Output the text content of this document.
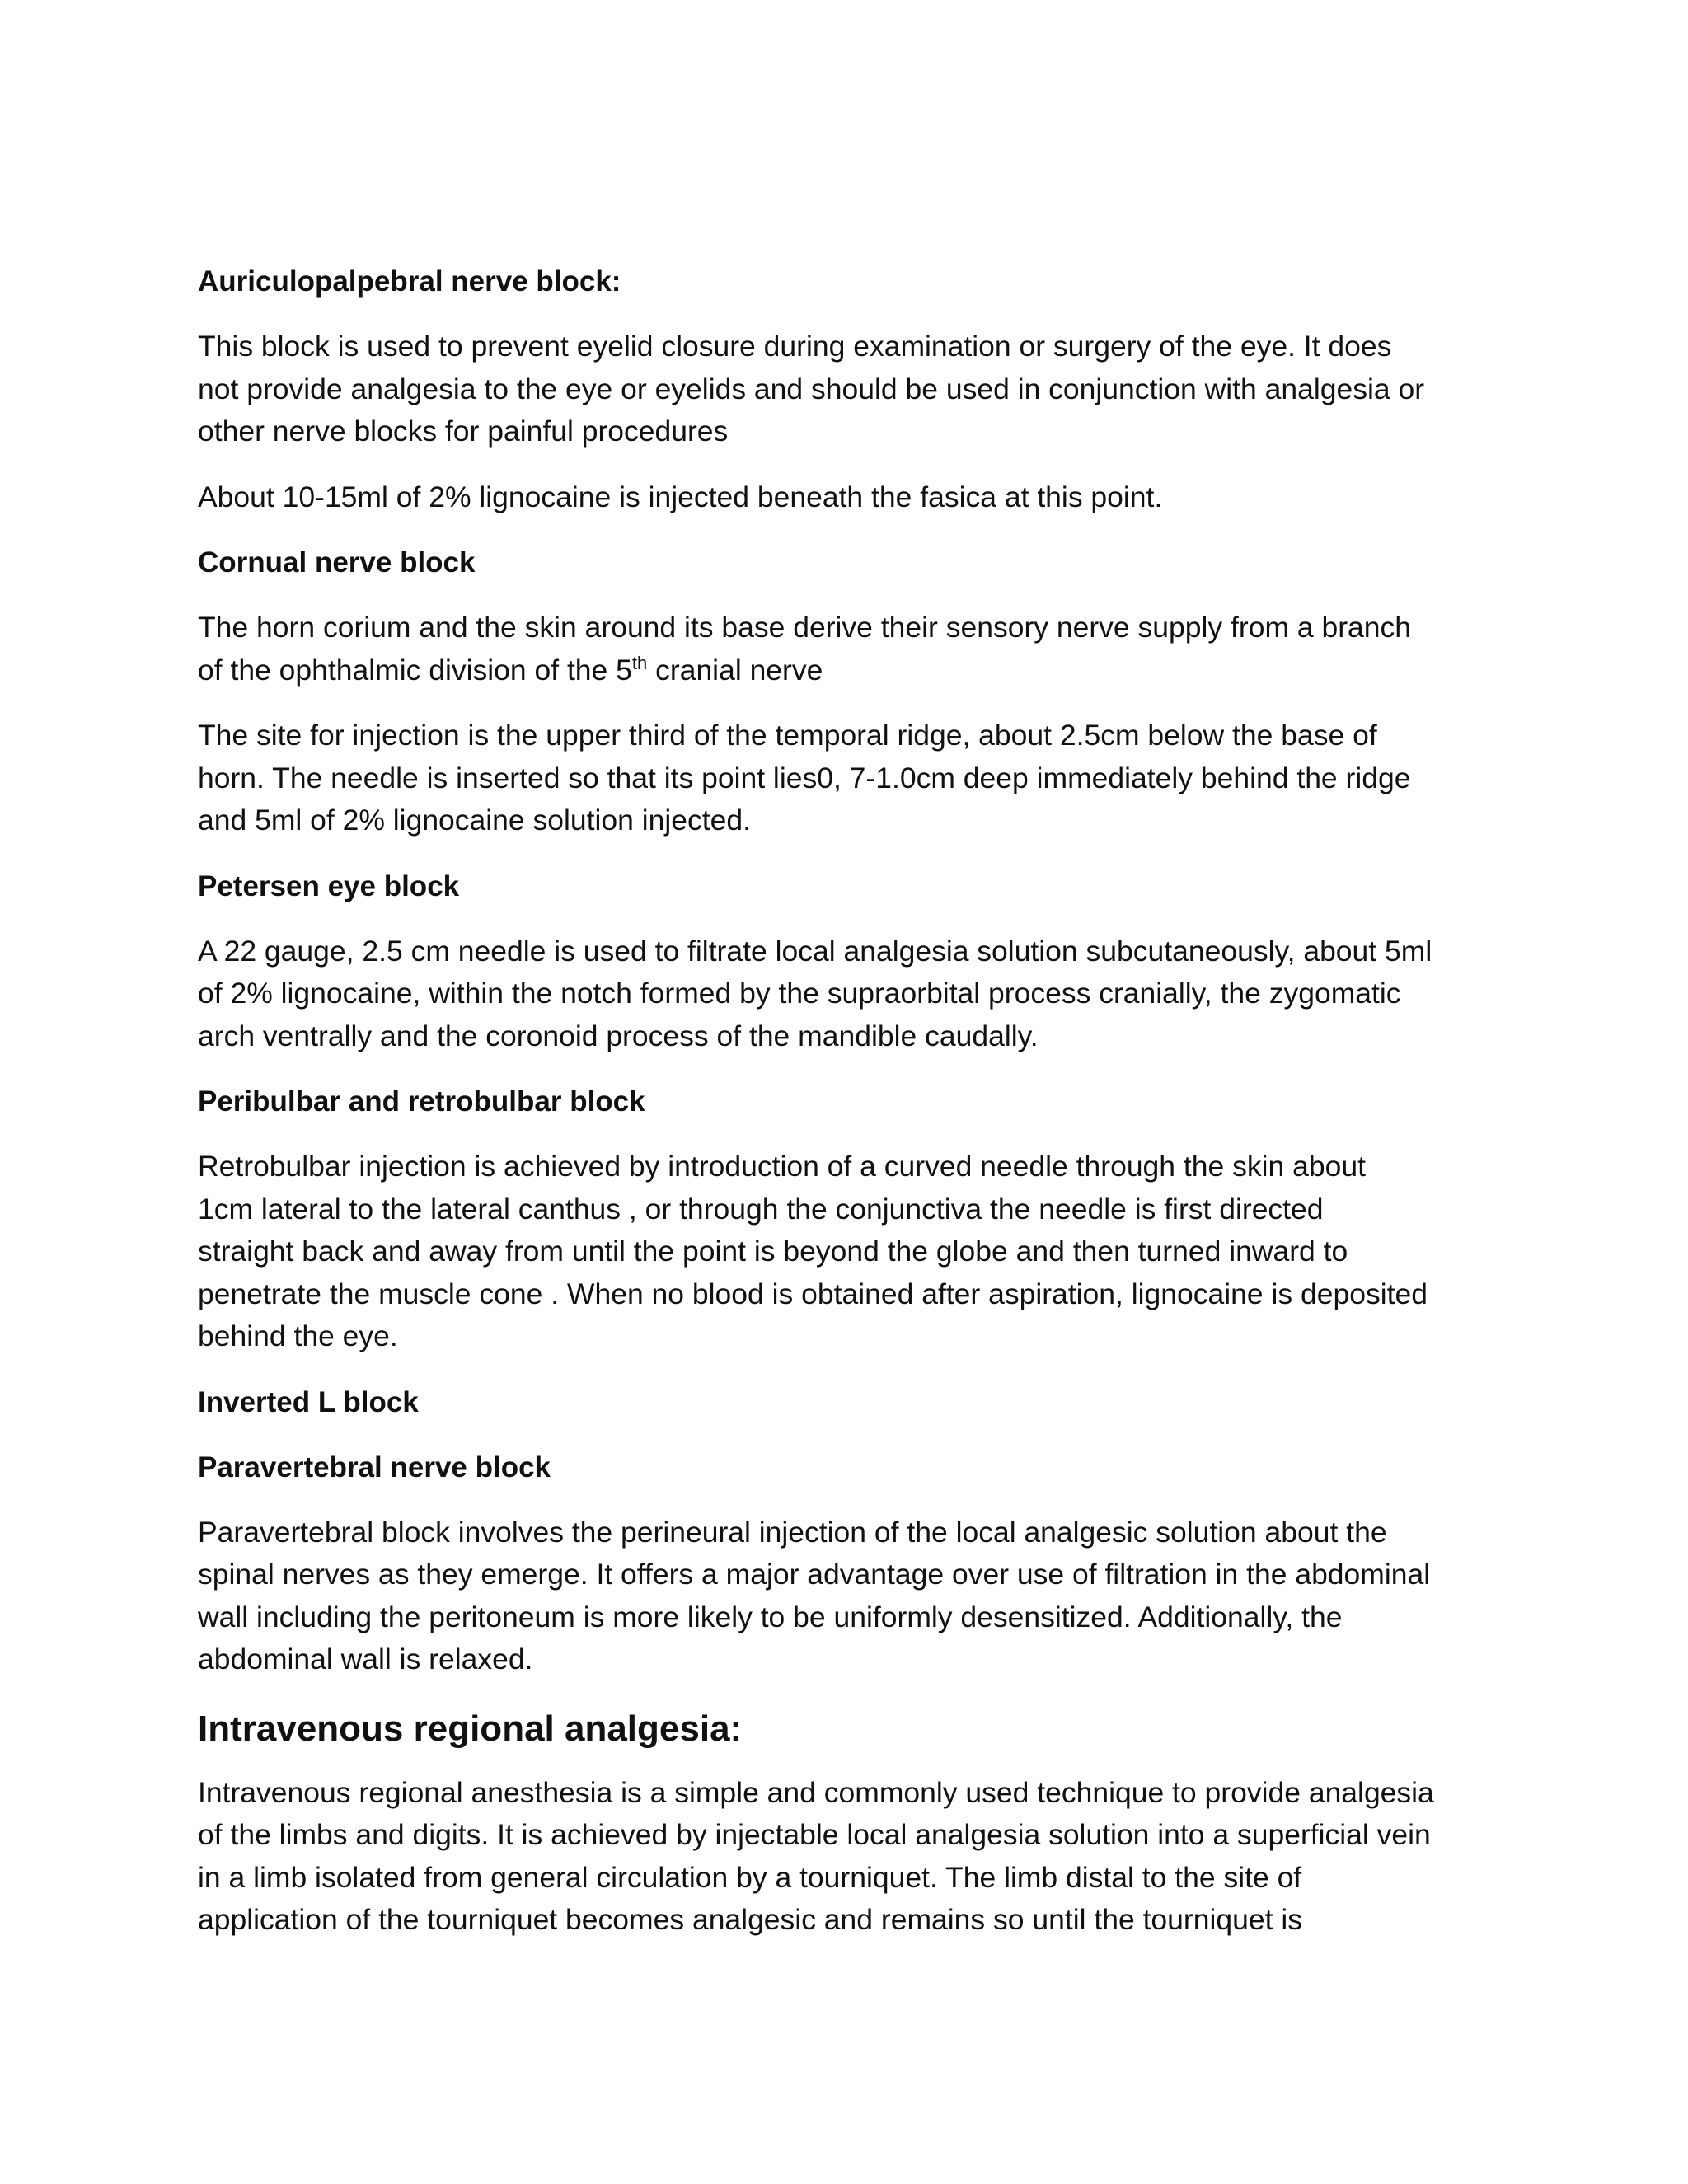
Auriculopalpebral nerve block:
This block is used to prevent eyelid closure during examination or surgery of the eye. It does
not provide analgesia to the eye or eyelids and should be used in conjunction with analgesia or
other nerve blocks for painful procedures
About 10-15ml of 2% lignocaine is injected beneath the fasica at this point.
Cornual nerve block
The horn corium and the skin around its base derive their sensory nerve supply from a branch
of the ophthalmic division of the 5th cranial nerve
The site for injection is the upper third of the temporal ridge, about 2.5cm below the base of
horn. The needle is inserted so that its point lies0, 7-1.0cm deep immediately behind the ridge
and 5ml of 2% lignocaine solution injected.
Petersen eye block
A 22 gauge, 2.5 cm needle is used to filtrate local analgesia solution subcutaneously, about 5ml
of 2% lignocaine, within the notch formed by the supraorbital process cranially, the zygomatic
arch ventrally and the coronoid process of the mandible caudally.
Peribulbar and retrobulbar block
Retrobulbar injection is achieved by introduction of a curved needle through the skin about
1cm lateral to the lateral canthus , or through the conjunctiva the needle is first directed
straight back and away from until the point is beyond the globe and then turned inward to
penetrate the muscle cone . When no blood is obtained after aspiration, lignocaine is deposited
behind the eye.
Inverted L block
Paravertebral nerve block
Paravertebral block involves the perineural injection of the local analgesic solution about the
spinal nerves as they emerge. It offers a major advantage over use of filtration in the abdominal
wall including the peritoneum is more likely to be uniformly desensitized. Additionally, the
abdominal wall is relaxed.
Intravenous regional analgesia:
Intravenous regional anesthesia is a simple and commonly used technique to provide analgesia
of the limbs and digits. It is achieved by injectable local analgesia solution into a superficial vein
in a limb isolated from general circulation by a tourniquet. The limb distal to the site of
application of the tourniquet becomes analgesic and remains so until the tourniquet is
